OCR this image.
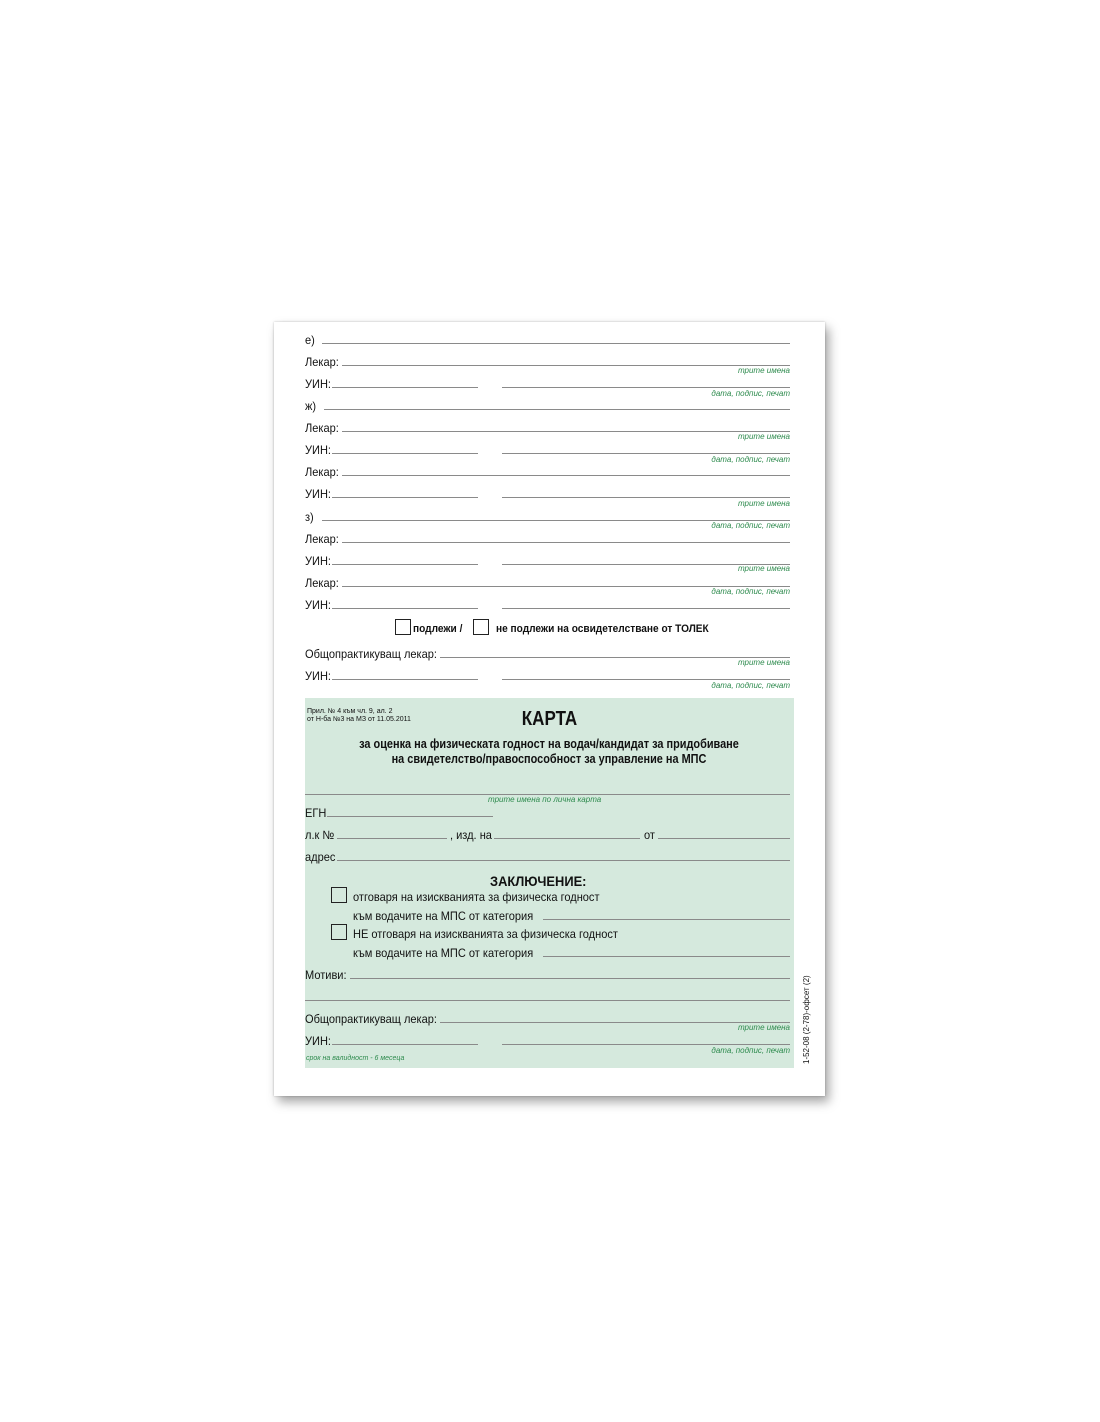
е)
Лекар:
трите имена
УИН:
дата, подпис, печат
ж)
Лекар:
трите имена
УИН:
дата, подпис, печат
Лекар:
УИН:
трите имена
з)
дата, подпис, печат
Лекар:
УИН:
трите имена
Лекар:
дата, подпис, печат
УИН:
подлежи /	не подлежи на освидетелстване от ТОЛЕК
Общопрактикуващ лекар:
трите имена
УИН:
дата, подпис, печат
Прил. № 4 към чл. 9, ал. 2
от Н-ба №3 на МЗ от 11.05.2011	КАРТА
за оценка на физическата годност на водач/кандидат за придобиване
на свидетелство/правоспособност за управление на МПС
трите имена по лична карта
ЕГН
л.к №	, изд. на	от
адрес
ЗАКЛЮЧЕНИЕ:
отговаря на изискванията за физическа годност
към водачите на МПС от категория
НЕ отговаря на изискванията за физическа годност
към водачите на МПС от категория
Мотиви:
Общопрактикуващ лекар:
трите имена
УИН:
дата, подпис, печат
срок на валидност - 6 месеца	1-52-08 (2-78)-офсет (2)
